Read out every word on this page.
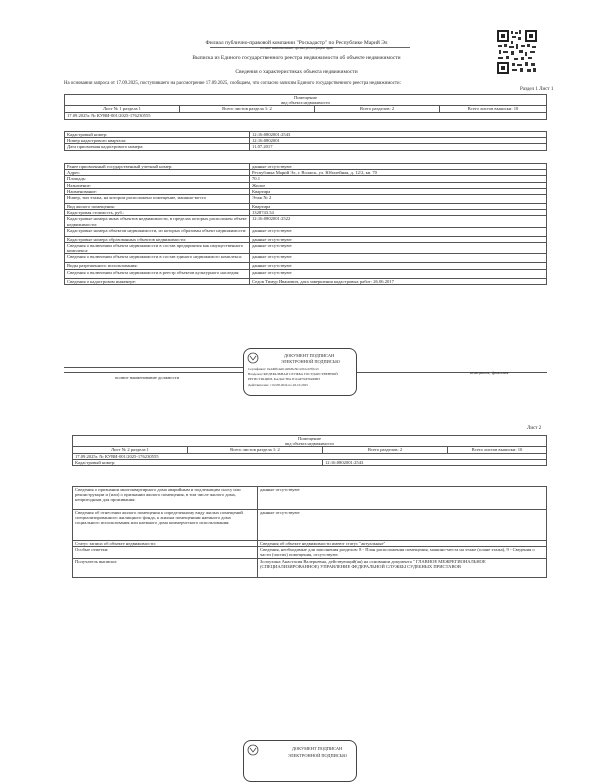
Филиал публично-правовой компании "Роскадастр" по Республике Марий Эл
полное наименование органа регистрации прав
Выписка из Единого государственного реестра недвижимости об объекте недвижимости
Сведения о характеристиках объекта недвижимости
На основании запроса от 17.09.2025, поступившего на рассмотрение 17.09.2025, сообщаем, что согласно записям Единого государственного реестра недвижимости:
Раздел 1 Лист 1
Помещение
вид объекта недвижимости
Лист № 1 раздела 1	Всего листов раздела 1: 2	Всего разделов: 2	Всего листов выписки: 10
17.09.2025г. № КУВИ-001/2025-176230555
Кадастровый номер:	12:16:0802001:2543
Номер кадастрового квартала:	12:16:0802001
Дата присвоения кадастрового номера:	11.07.2017
Ранее присвоенный государственный учетный номер:	данные отсутствуют
Адрес:	Республика Марий Эл, г. Волжск, ул. Юбилейная, д. 12/2, кв. 70
Площадь:	70.1
Назначение:	Жилое
Наименование:	Квартира
Номер, тип этажа, на котором расположено помещение, машино-место	Этаж № 2
Вид жилого помещения:	Квартира
Кадастровая стоимость, руб.:	1328743.54
Кадастровые номера иных объектов недвижимости, в пределах которых расположен объект недвижимости:	12:16:0802001:2522
Кадастровые номера объектов недвижимости, из которых образован объект недвижимости:	данные отсутствуют
Кадастровые номера образованных объектов недвижимости:	данные отсутствуют
Сведения о включении объекта недвижимости в состав предприятия как имущественного комплекса:	данные отсутствуют
Сведения о включении объекта недвижимости в состав единого недвижимого комплекса:	данные отсутствуют
Виды разрешенного использования:	данные отсутствуют
Сведения о включении объекта недвижимости в реестр объектов культурного наследия:	данные отсутствуют
Сведения о кадастровом инженере:	Седов Тимур Иванович, дата завершения кадастровых работ: 26.06.2017
полное наименование должности
инициалы, фамилия
ДОКУМЕНТ ПОДПИСАН
ЭЛЕКТРОННОЙ ПОДПИСЬЮ
Сертификат: 0a4d0fb4e01d28d5e5b1a5b1eb7f6ca5
Владелец: ФЕДЕРАЛЬНАЯ СЛУЖБА ГОСУДАРСТВЕННОЙ
РЕГИСТРАЦИИ, КАДАСТРА И КАРТОГРАФИИ
Действителен: с 02.08.2024 по 26.10.2025
Лист 2
Помещение			
вид объекта недвижимости			
Лист № 2 раздела 1	Всего листов раздела 1: 2	Всего разделов: 2	Всего листов выписки: 10
17.09.2025г. № КУВИ-001/2025-176230555			
Кадастровый номер:		12:16:0802001:2543	
Сведения о признании многоквартирного дома аварийным и подлежащим сносу или реконструкции и (или) о признании жилого помещения, в том числе жилого дома, непригодным для проживания:	данные отсутствуют
Сведения об отнесении жилого помещения к определенному виду жилых помещений специализированного жилищного фонда, к жилым помещениям наемного дома социального использования или наемного дома коммерческого использования:	данные отсутствуют
Статус записи об объекте недвижимости:	Сведения об объекте недвижимости имеют статус "актуальные"
Особые отметки:	Сведения, необходимые для заполнения разделов: 8 - План расположения помещения, машино-места на этаже (плане этажа), 9 - Сведения о части (частях) помещения, отсутствуют.
Получатель выписки:	Золоухина Анастасия Валерьевна, действующий(ая) на основании документа " ГЛАВНОЕ МЕЖРЕГИОНАЛЬНОЕ (СПЕЦИАЛИЗИРОВАННОЕ) УПРАВЛЕНИЕ ФЕДЕРАЛЬНОЙ СЛУЖБЫ СУДЕБНЫХ ПРИСТАВОВ
ДОКУМЕНТ ПОДПИСАН
ЭЛЕКТРОННОЙ ПОДПИСЬЮ
